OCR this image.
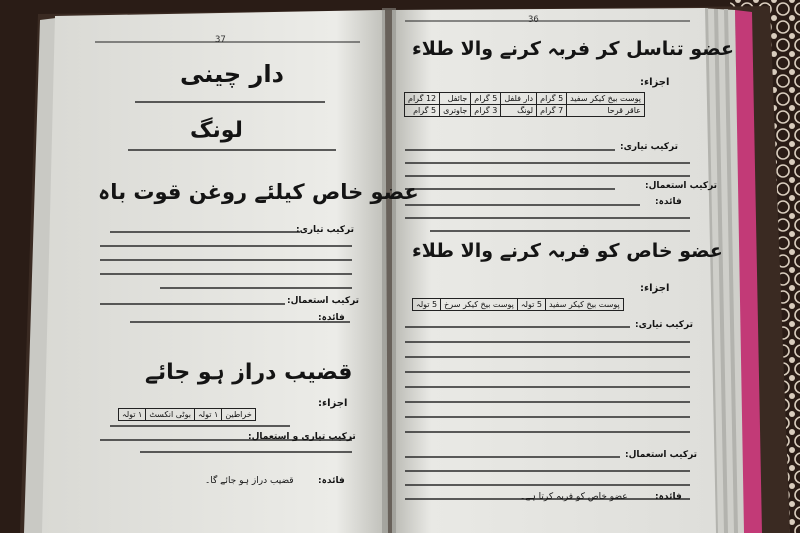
37
دار چینی
لونگ
عضو خاص کیلئے روغن قوت باہ
ترکیب تیاری:
ترکیب استعمال:
فائدہ:
قضیب دراز ہو جائے
اجزاء:
خراطین	۱ تولہ	بوٹی انکسٹ	۱ تولہ
ترکیب تیاری و استعمال:
فائدہ:
قضیب دراز ہو جائے گا۔
36
عضو تناسل کر فربہ کرنے والا طلاء
اجزاء:
پوست بیخ کیکر سفید	5 گرام	دار فلفل	5 گرام	جائفل	12 گرام
عاقر قرحا	7 گرام	لونگ	3 گرام	جاوتری	5 گرام
ترکیب تیاری:
ترکیب استعمال:
فائدہ:
عضو خاص کو فربہ کرنے والا طلاء
اجزاء:
پوست بیخ کیکر سفید	5 تولہ	پوست بیخ کیکر سرخ	5 تولہ
ترکیب تیاری:
ترکیب استعمال:
فائدہ:
عضو خاص کو فربہ کرتا ہے۔
